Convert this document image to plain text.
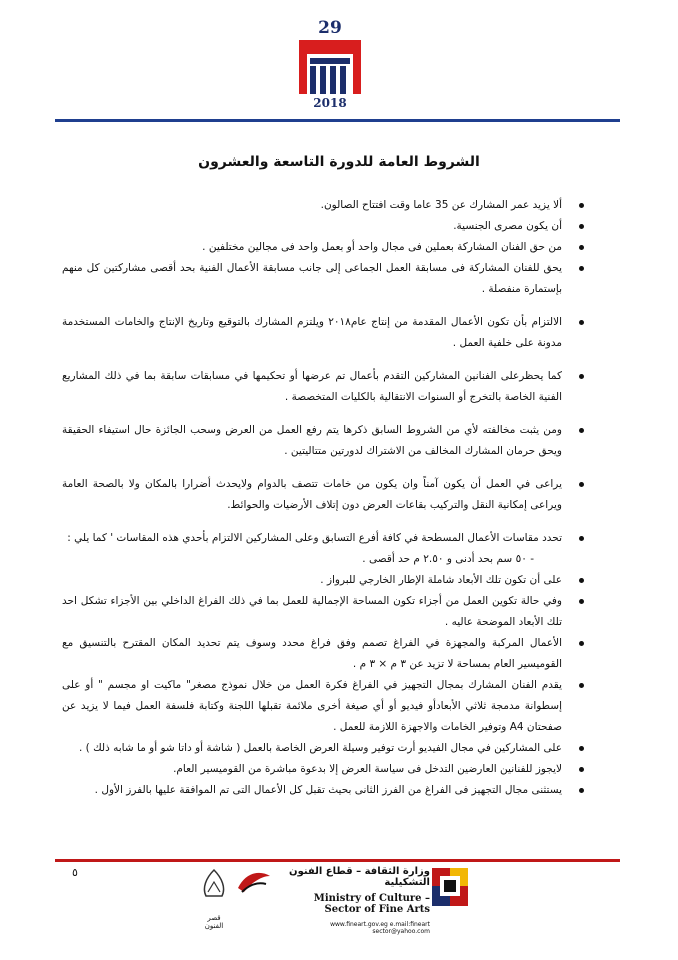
29
2018
الشروط العامة للدورة التاسعة والعشرون
ألا يزيد عمر المشارك عن 35 عاما وقت افتتاح الصالون.
أن يكون مصرى الجنسية.
من حق الفنان المشاركة بعملين فى مجال واحد أو بعمل واحد فى مجالين مختلفين .
يحق للفنان المشاركة فى مسابقة العمل الجماعى إلى جانب مسابقة الأعمال الفنية بحد أقصى مشاركتين كل منهم بإستمارة منفصلة .
الالتزام بأن تكون الأعمال المقدمة من إنتاج عام٢٠١٨ ويلتزم المشارك بالتوقيع وتاريخ الإنتاج والخامات المستخدمة مدونة على خلفية العمل .
كما يحظرعلى الفنانين المشاركين التقدم بأعمال تم عرضها أو تحكيمها في مسابقات سابقة بما في ذلك المشاريع الفنية الخاصة بالتخرج أو السنوات الانتقالية بالكليات المتخصصة .
ومن يثبت مخالفته لأي من الشروط السابق ذكرها يتم رفع العمل من العرض وسحب الجائزة حال استيفاء الحقيقة ويحق حرمان المشارك المخالف من الاشتراك لدورتين متتاليتين .
يراعى في العمل أن يكون آمناً وان يكون من خامات تتصف بالدوام ولايحدث أضرارا بالمكان ولا بالصحة العامة ويراعى إمكانية النقل والتركيب بقاعات العرض دون إتلاف الأرضيات والحوائط.
تحدد مقاسات الأعمال المسطحة في كافة أفرع التسابق وعلى المشاركين الالتزام بأحدي هذه المقاسات ' كما يلي :
- ٥٠ سم بحد أدنى و ٢.٥٠ م حد أقصى .
على أن تكون تلك الأبعاد شاملة الإطار الخارجي للبرواز .
وفي حالة تكوين العمل من أجزاء تكون المساحة الإجمالية للعمل بما في ذلك الفراغ الداخلي بين الأجزاء تشكل احد تلك الأبعاد الموضحة عاليه .
الأعمال المركبة والمجهزة في الفراغ تصمم وفق فراغ محدد وسوف يتم تحديد المكان المقترح بالتنسيق مع القوميسير العام بمساحة لا تزيد عن ٣ م × ٣ م .
يقدم الفنان المشارك بمجال التجهيز في الفراغ فكرة العمل من خلال نموذج مصغر" ماكيت او مجسم " أو على إسطوانة مدمجة ثلاثي الأبعادأو فيديو أو أي صيغة أخرى ملائمة تقبلها اللجنة وكتابة فلسفة العمل فيما لا يزيد عن صفحتان A4 وتوفير الخامات والاجهزة اللازمة للعمل .
على المشاركين في مجال الفيديو أرت توفير وسيلة العرض الخاصة بالعمل ( شاشة أو داتا شو أو ما شابه ذلك ) .
لايجوز للفنانين العارضين التدخل فى سياسة العرض إلا بدعوة مباشرة من القوميسير العام.
يستثنى مجال التجهيز فى الفراغ من الفرز الثانى بحيث تقبل كل الأعمال التى تم الموافقة عليها بالفرز الأول .
٥
قصر الفنون
وزارة الثقافة – قطاع الفنون التشكيلية
Ministry of Culture – Sector of Fine Arts
www.fineart.gov.eg e.mail:fineart sector@yahoo.com
